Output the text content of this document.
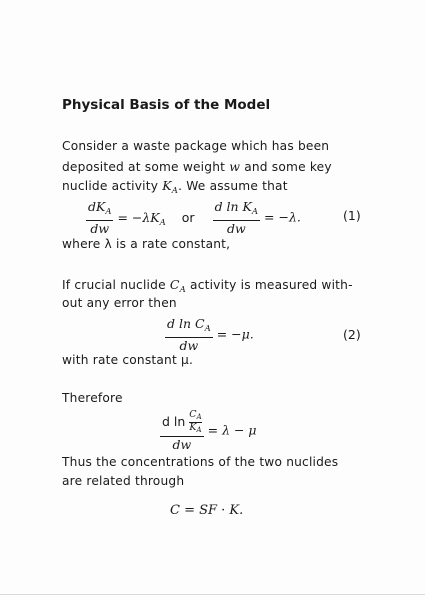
Physical Basis of the Model
Consider a waste package which has been
deposited at some weight w and some key
nuclide activity $K_A$. We assume that
$\frac{dK_A}{dw} = -\lambda K_A$ or $\frac{d \ln K_A}{dw} = -\lambda$.	(1)
where λ is a rate constant,
If crucial nuclide $C_A$ activity is measured with-
out any error then
$\frac{d \ln C_A}{dw} = -\mu$.	(2)
with rate constant μ.
Therefore
$\frac{d \ln \frac{C_A}{K_A}}{dw} = \lambda - \mu$
Thus the concentrations of the two nuclides
are related through
C = SF · K.
